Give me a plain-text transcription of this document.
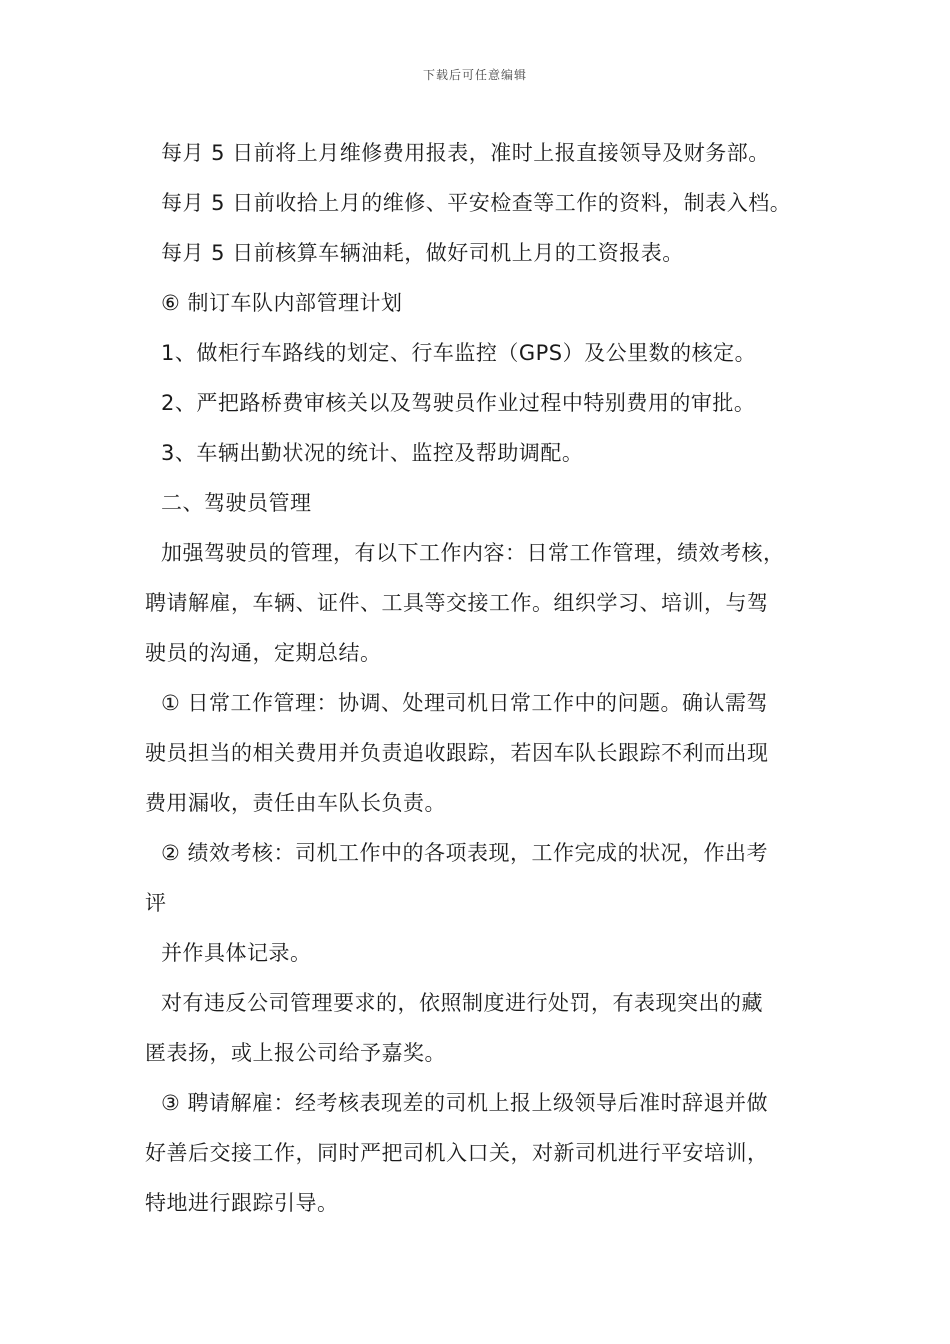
下载后可任意编辑
每月 5 日前将上月维修费用报表，准时上报直接领导及财务部。
每月 5 日前收拾上月的维修、平安检查等工作的资料，制表入档。
每月 5 日前核算车辆油耗，做好司机上月的工资报表。
⑥ 制订车队内部管理计划
1、做柜行车路线的划定、行车监控（GPS）及公里数的核定。
2、严把路桥费审核关以及驾驶员作业过程中特别费用的审批。
3、车辆出勤状况的统计、监控及帮助调配。
二、驾驶员管理
加强驾驶员的管理，有以下工作内容：日常工作管理，绩效考核，
聘请解雇，车辆、证件、工具等交接工作。组织学习、培训，与驾
驶员的沟通，定期总结。
① 日常工作管理：协调、处理司机日常工作中的问题。确认需驾
驶员担当的相关费用并负责追收跟踪，若因车队长跟踪不利而出现
费用漏收，责任由车队长负责。
② 绩效考核：司机工作中的各项表现，工作完成的状况，作出考
评
并作具体记录。
对有违反公司管理要求的，依照制度进行处罚，有表现突出的藏
匿表扬，或上报公司给予嘉奖。
③ 聘请解雇：经考核表现差的司机上报上级领导后准时辞退并做
好善后交接工作，同时严把司机入口关，对新司机进行平安培训，
特地进行跟踪引导。
